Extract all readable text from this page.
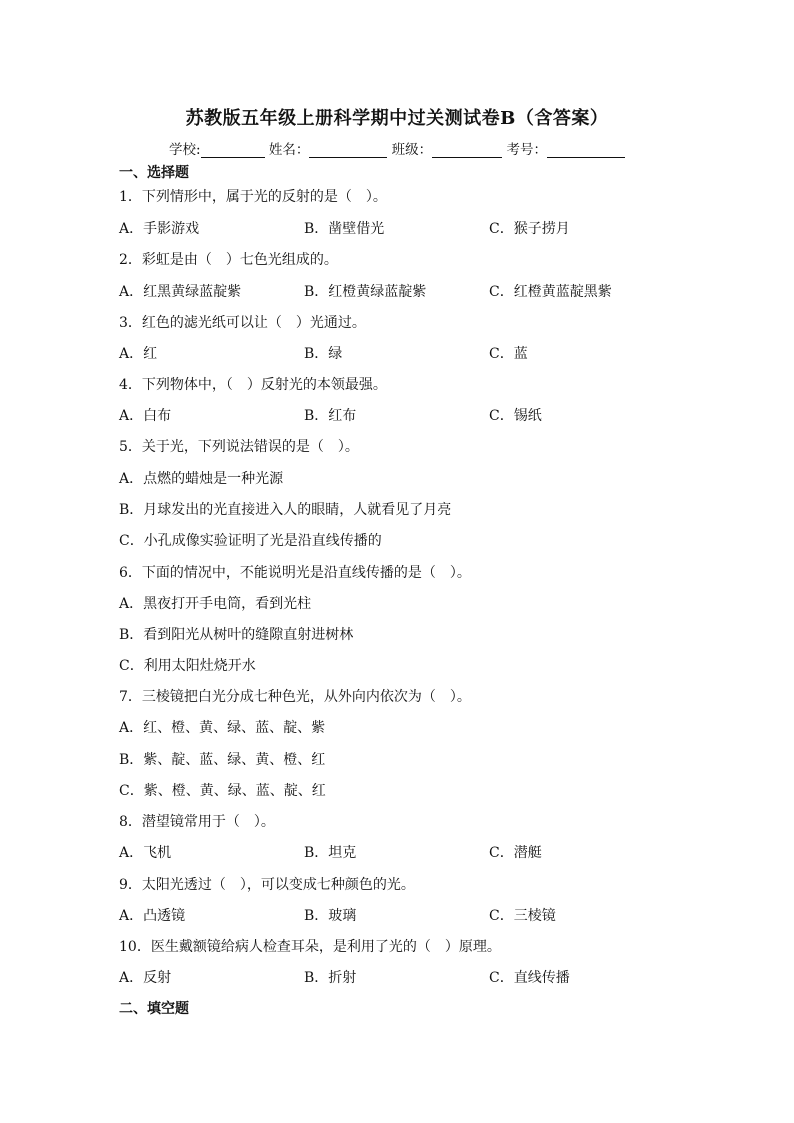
苏教版五年级上册科学期中过关测试卷B（含答案）
学校:	姓名：	班级：	考号：
一、选择题
1．下列情形中，属于光的反射的是（　）。
A．手影游戏	B．凿壁借光	C．猴子捞月
2．彩虹是由（　）七色光组成的。
A．红黑黄绿蓝靛紫	B．红橙黄绿蓝靛紫	C．红橙黄蓝靛黑紫
3．红色的滤光纸可以让（　）光通过。
A．红	B．绿	C．蓝
4．下列物体中，（　）反射光的本领最强。
A．白布	B．红布	C．锡纸
5．关于光，下列说法错误的是（　）。
A．点燃的蜡烛是一种光源
B．月球发出的光直接进入人的眼睛，人就看见了月亮
C．小孔成像实验证明了光是沿直线传播的
6．下面的情况中，不能说明光是沿直线传播的是（　）。
A．黑夜打开手电筒，看到光柱
B．看到阳光从树叶的缝隙直射进树林
C．利用太阳灶烧开水
7．三棱镜把白光分成七种色光，从外向内依次为（　）。
A．红、橙、黄、绿、蓝、靛、紫
B．紫、靛、蓝、绿、黄、橙、红
C．紫、橙、黄、绿、蓝、靛、红
8．潜望镜常用于（　）。
A．飞机	B．坦克	C．潜艇
9．太阳光透过（　），可以变成七种颜色的光。
A．凸透镜	B．玻璃	C．三棱镜
10．医生戴额镜给病人检查耳朵，是利用了光的（　）原理。
A．反射	B．折射	C．直线传播
二、填空题
